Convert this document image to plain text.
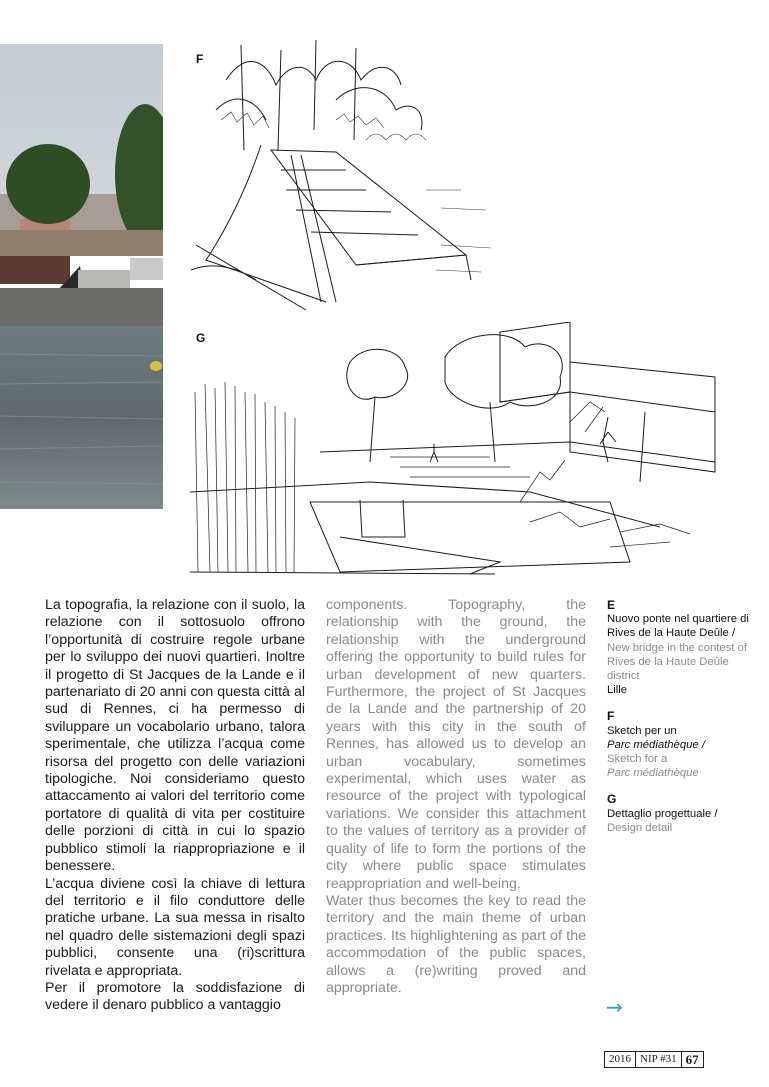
F
G

La topografia, la relazione con il suolo, la relazione con il sottosuolo offrono l’opportunità di costruire regole urbane per lo sviluppo dei nuovi quartieri. Inoltre il progetto di St Jacques de la Lande e il partenariato di 20 anni con questa città al sud di Rennes, ci ha permesso di sviluppare un vocabolario urbano, talora sperimentale, che utilizza l’acqua come risorsa del progetto con delle variazioni tipologiche. Noi consideriamo questo attaccamento ai valori del territorio come portatore di qualità di vita per costituire delle porzioni di città in cui lo spazio pubblico stimoli la riappropriazione e il benessere.

L’acqua diviene così la chiave di lettura del territorio e il filo conduttore delle pratiche urbane. La sua messa in risalto nel quadro delle sistemazioni degli spazi pubblici, consente una (ri)scrittura rivelata e appropriata.

Per il promotore la soddisfazione di vedere il denaro pubblico a vantaggio

components. Topography, the relationship with the ground, the relationship with the underground offering the opportunity to build rules for urban development of new quarters. Furthermore, the project of St Jacques de la Lande and the partnership of 20 years with this city in the south of Rennes, has allowed us to develop an urban vocabulary, sometimes experimental, which uses water as resource of the project with typological variations. We consider this attachment to the values of territory as a provider of quality of life to form the portions of the city where public space stimulates reappropriation and well-being.

Water thus becomes the key to read the territory and the main theme of urban practices. Its highlightening as part of the accommodation of the public spaces, allows a (re)writing proved and appropriate.

E
Nuovo ponte nel quartiere di Rives de la Haute Deûle / New bridge in the contest of Rives de la Haute Deûle district
Lille
F
Sketch per un
Parc médiathèque /
Sketch for a
Parc médiathèque
G
Dettaglio progettuale /
Design detail
→
2016 NIP #31 67
